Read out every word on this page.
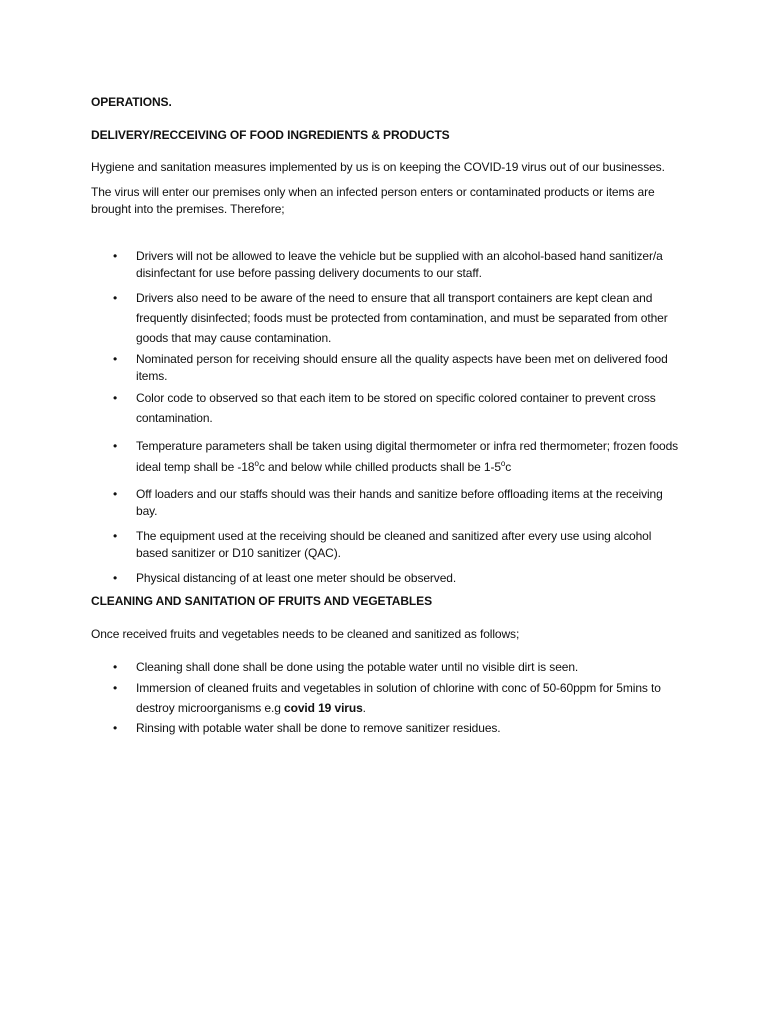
OPERATIONS.

DELIVERY/RECCEIVING OF FOOD INGREDIENTS & PRODUCTS

Hygiene and sanitation measures implemented by us is on keeping the COVID-19 virus out of our businesses.

The virus will enter our premises only when an infected person enters or contaminated products or items are brought into the premises. Therefore;

• Drivers will not be allowed to leave the vehicle but be supplied with an alcohol-based hand sanitizer/a disinfectant for use before passing delivery documents to our staff.
• Drivers also need to be aware of the need to ensure that all transport containers are kept clean and frequently disinfected; foods must be protected from contamination, and must be separated from other goods that may cause contamination.
• Nominated person for receiving should ensure all the quality aspects have been met on delivered food items.
• Color code to observed so that each item to be stored on specific colored container to prevent cross contamination.
• Temperature parameters shall be taken using digital thermometer or infra red thermometer; frozen foods ideal temp shall be -18$^o$c and below while chilled products shall be 1-5$^o$c
• Off loaders and our staffs should was their hands and sanitize before offloading items at the receiving bay.
• The equipment used at the receiving should be cleaned and sanitized after every use using alcohol based sanitizer or D10 sanitizer (QAC).
• Physical distancing of at least one meter should be observed.

CLEANING AND SANITATION OF FRUITS AND VEGETABLES

Once received fruits and vegetables needs to be cleaned and sanitized as follows;

• Cleaning shall done shall be done using the potable water until no visible dirt is seen.
• Immersion of cleaned fruits and vegetables in solution of chlorine with conc of 50-60ppm for 5mins to destroy microorganisms e.g covid 19 virus.
• Rinsing with potable water shall be done to remove sanitizer residues.
